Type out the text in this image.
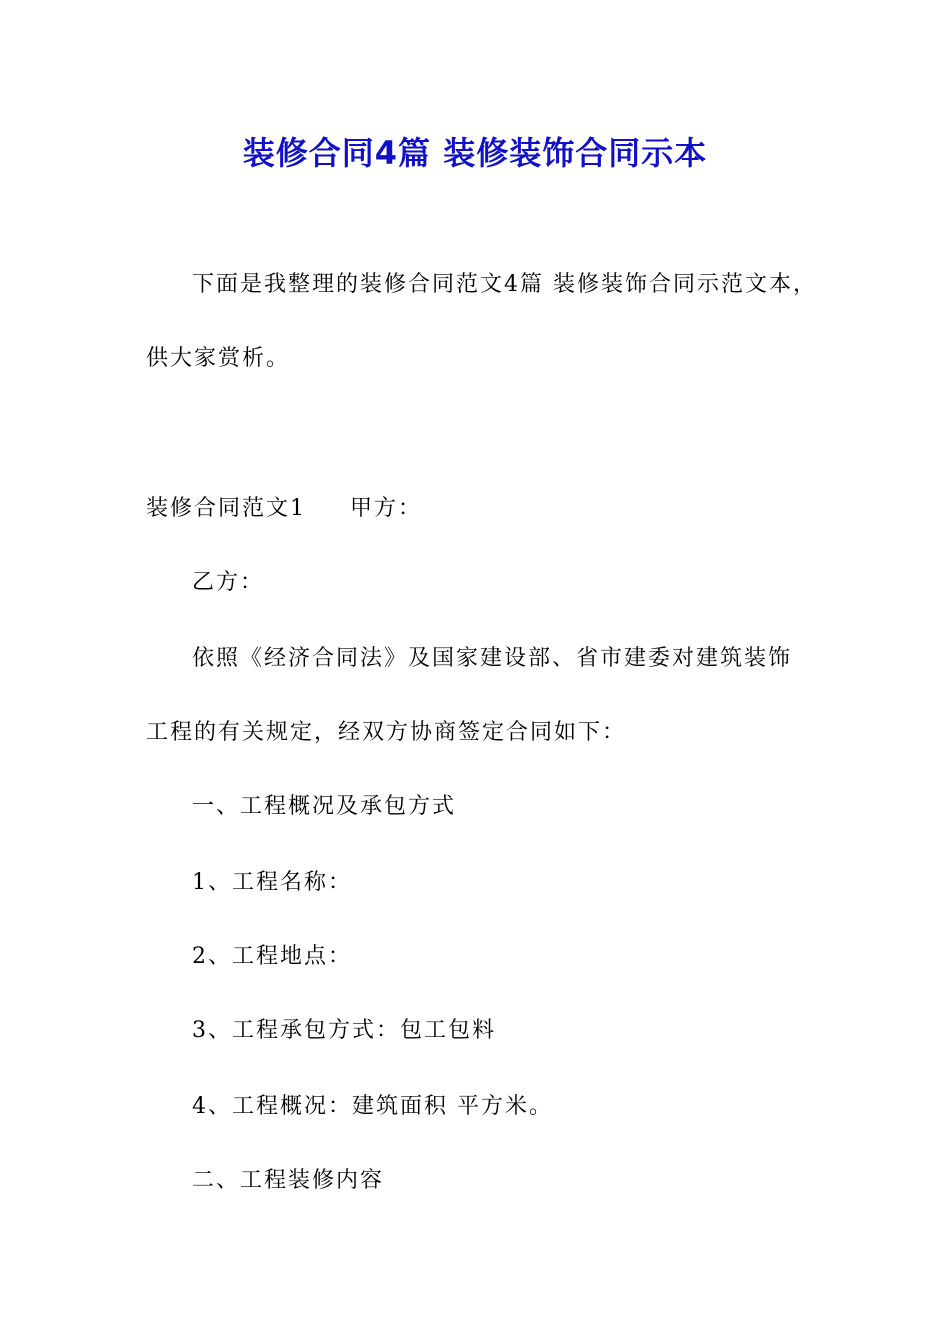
装修合同4篇 装修装饰合同示本
下面是我整理的装修合同范文4篇 装修装饰合同示范文本，
供大家赏析。
装修合同范文1 甲方：
乙方：
依照《经济合同法》及国家建设部、省市建委对建筑装饰
工程的有关规定，经双方协商签定合同如下：
一、工程概况及承包方式
1、工程名称：
2、工程地点：
3、工程承包方式：包工包料
4、工程概况：建筑面积 平方米。
二、工程装修内容
